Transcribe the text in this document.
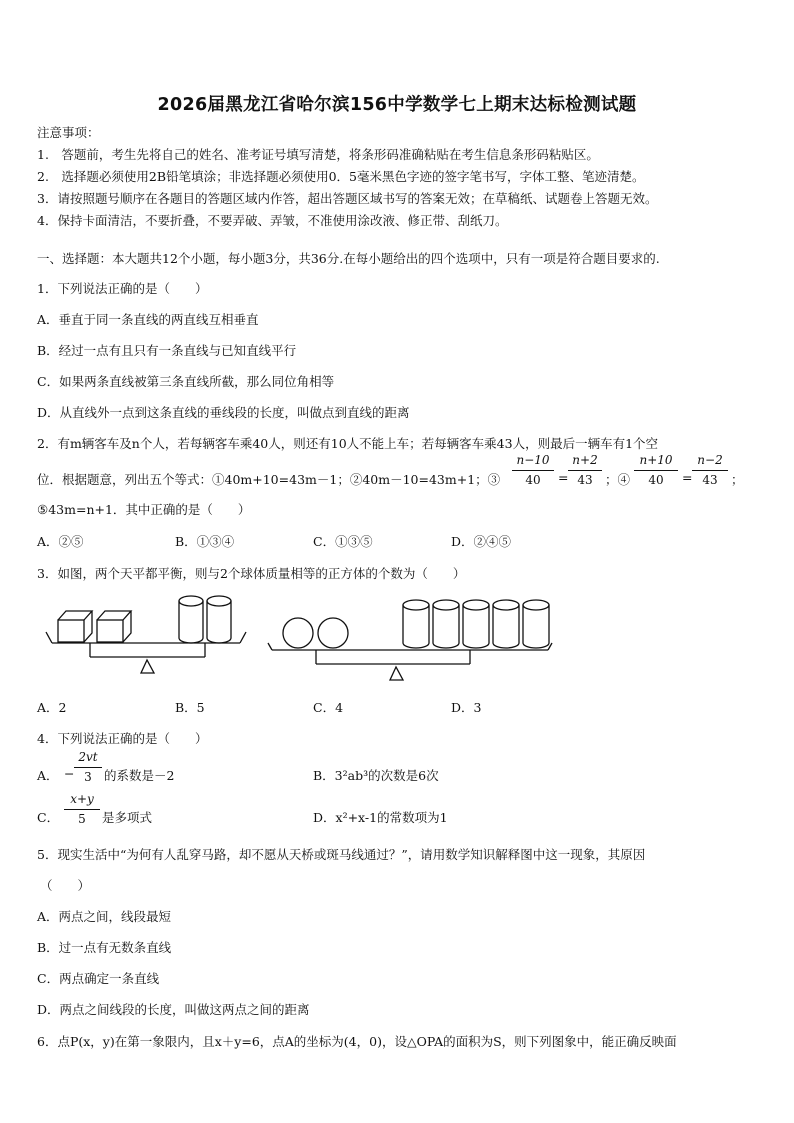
2026届黑龙江省哈尔滨156中学数学七上期末达标检测试题
注意事项：
1.　答题前，考生先将自己的姓名、准考证号填写清楚，将条形码准确粘贴在考生信息条形码粘贴区。
2.　选择题必须使用2B铅笔填涂；非选择题必须使用0．5毫米黑色字迹的签字笔书写，字体工整、笔迹清楚。
3．请按照题号顺序在各题目的答题区域内作答，超出答题区域书写的答案无效；在草稿纸、试题卷上答题无效。
4．保持卡面清洁，不要折叠，不要弄破、弄皱，不准使用涂改液、修正带、刮纸刀。
一、选择题：本大题共12个小题，每小题3分，共36分.在每小题给出的四个选项中，只有一项是符合题目要求的.
1．下列说法正确的是（　　）
A．垂直于同一条直线的两直线互相垂直
B．经过一点有且只有一条直线与已知直线平行
C．如果两条直线被第三条直线所截，那么同位角相等
D．从直线外一点到这条直线的垂线段的长度，叫做点到直线的距离
2．有m辆客车及n个人，若每辆客车乘40人，则还有10人不能上车；若每辆客车乘43人，则最后一辆车有1个空
位．根据题意，列出五个等式：①40m+10=43m－1；②40m－10=43m+1；③
n−10
40	=
n+2
43 ；④
n+10
40	=
n−2
43	；
⑤43m=n+1．其中正确的是（　　）
A．②⑤	B．①③④	C．①③⑤	D．②④⑤
3．如图，两个天平都平衡，则与2个球体质量相等的正方体的个数为（　　）
A．2	B．5	C．4	D．3
4．下列说法正确的是（　　）
A． −
2vt
3 的系数是－2	B．3²ab³的次数是6次
C．
x+y
5	是多项式	D．x²+x-1的常数项为1
5．现实生活中“为何有人乱穿马路，却不愿从天桥或斑马线通过？”，请用数学知识解释图中这一现象，其原因
（　　）
A．两点之间，线段最短
B．过一点有无数条直线
C．两点确定一条直线
D．两点之间线段的长度，叫做这两点之间的距离
6．点P(x，y)在第一象限内，且x＋y=6，点A的坐标为(4，0)，设△OPA的面积为S，则下列图象中，能正确反映面
